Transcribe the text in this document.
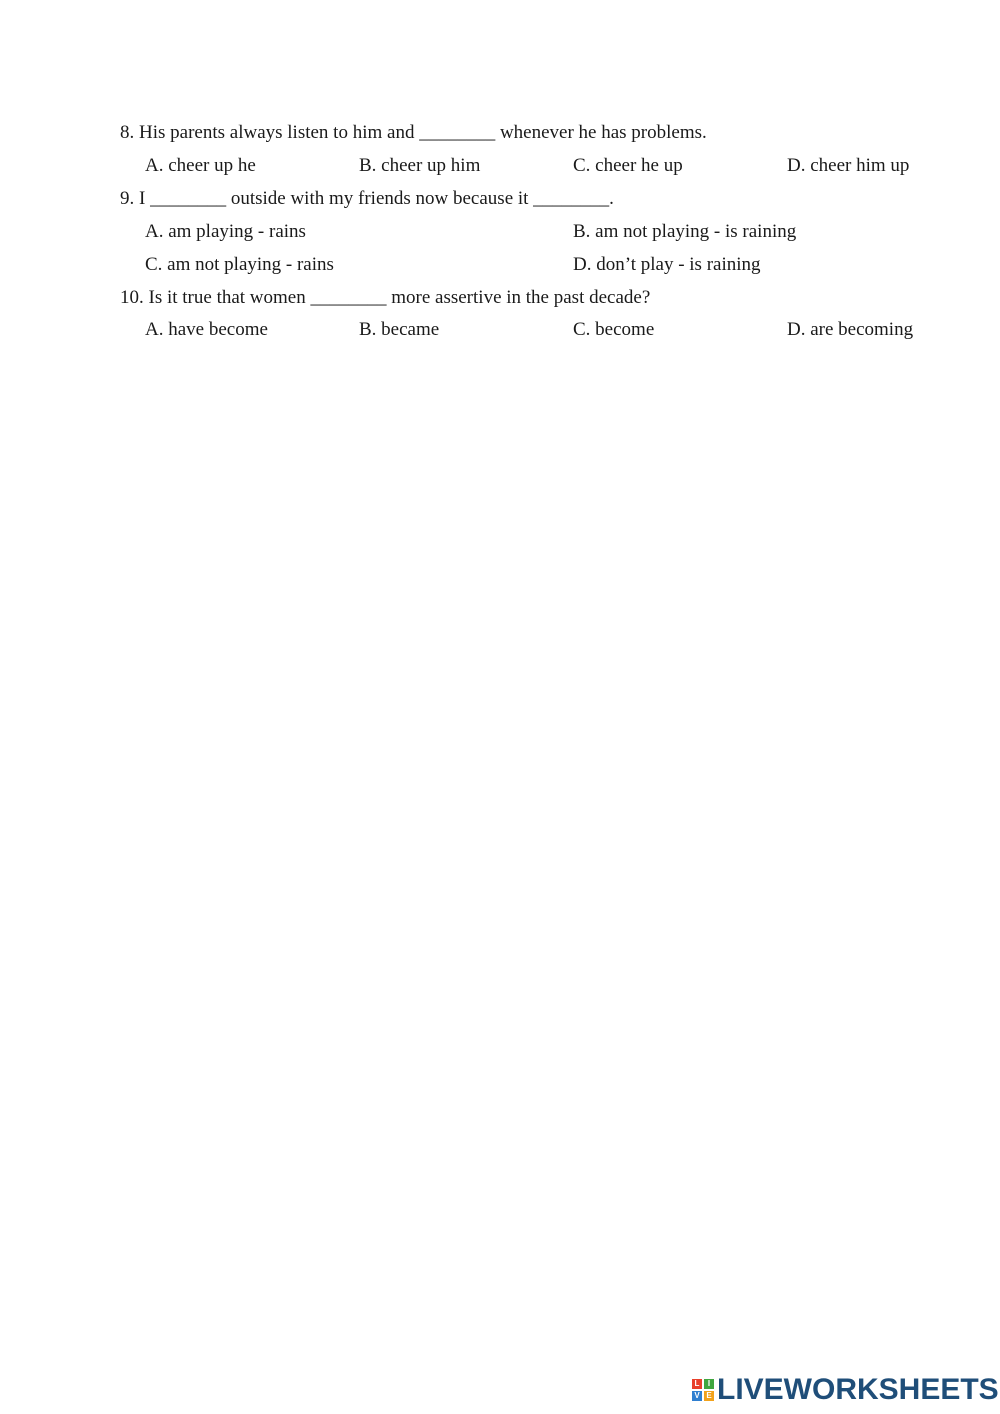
8. His parents always listen to him and ________ whenever he has problems.
A. cheer up he	B. cheer up him	C. cheer he up	D. cheer him up
9. I ________ outside with my friends now because it ________.
A. am playing - rains	B. am not playing - is raining
C. am not playing - rains	D. don’t play - is raining
10. Is it true that women ________ more assertive in the past decade?
A. have become	B. became	C. become	D. are becoming
L	I
V E LIVEWORKSHEETS
